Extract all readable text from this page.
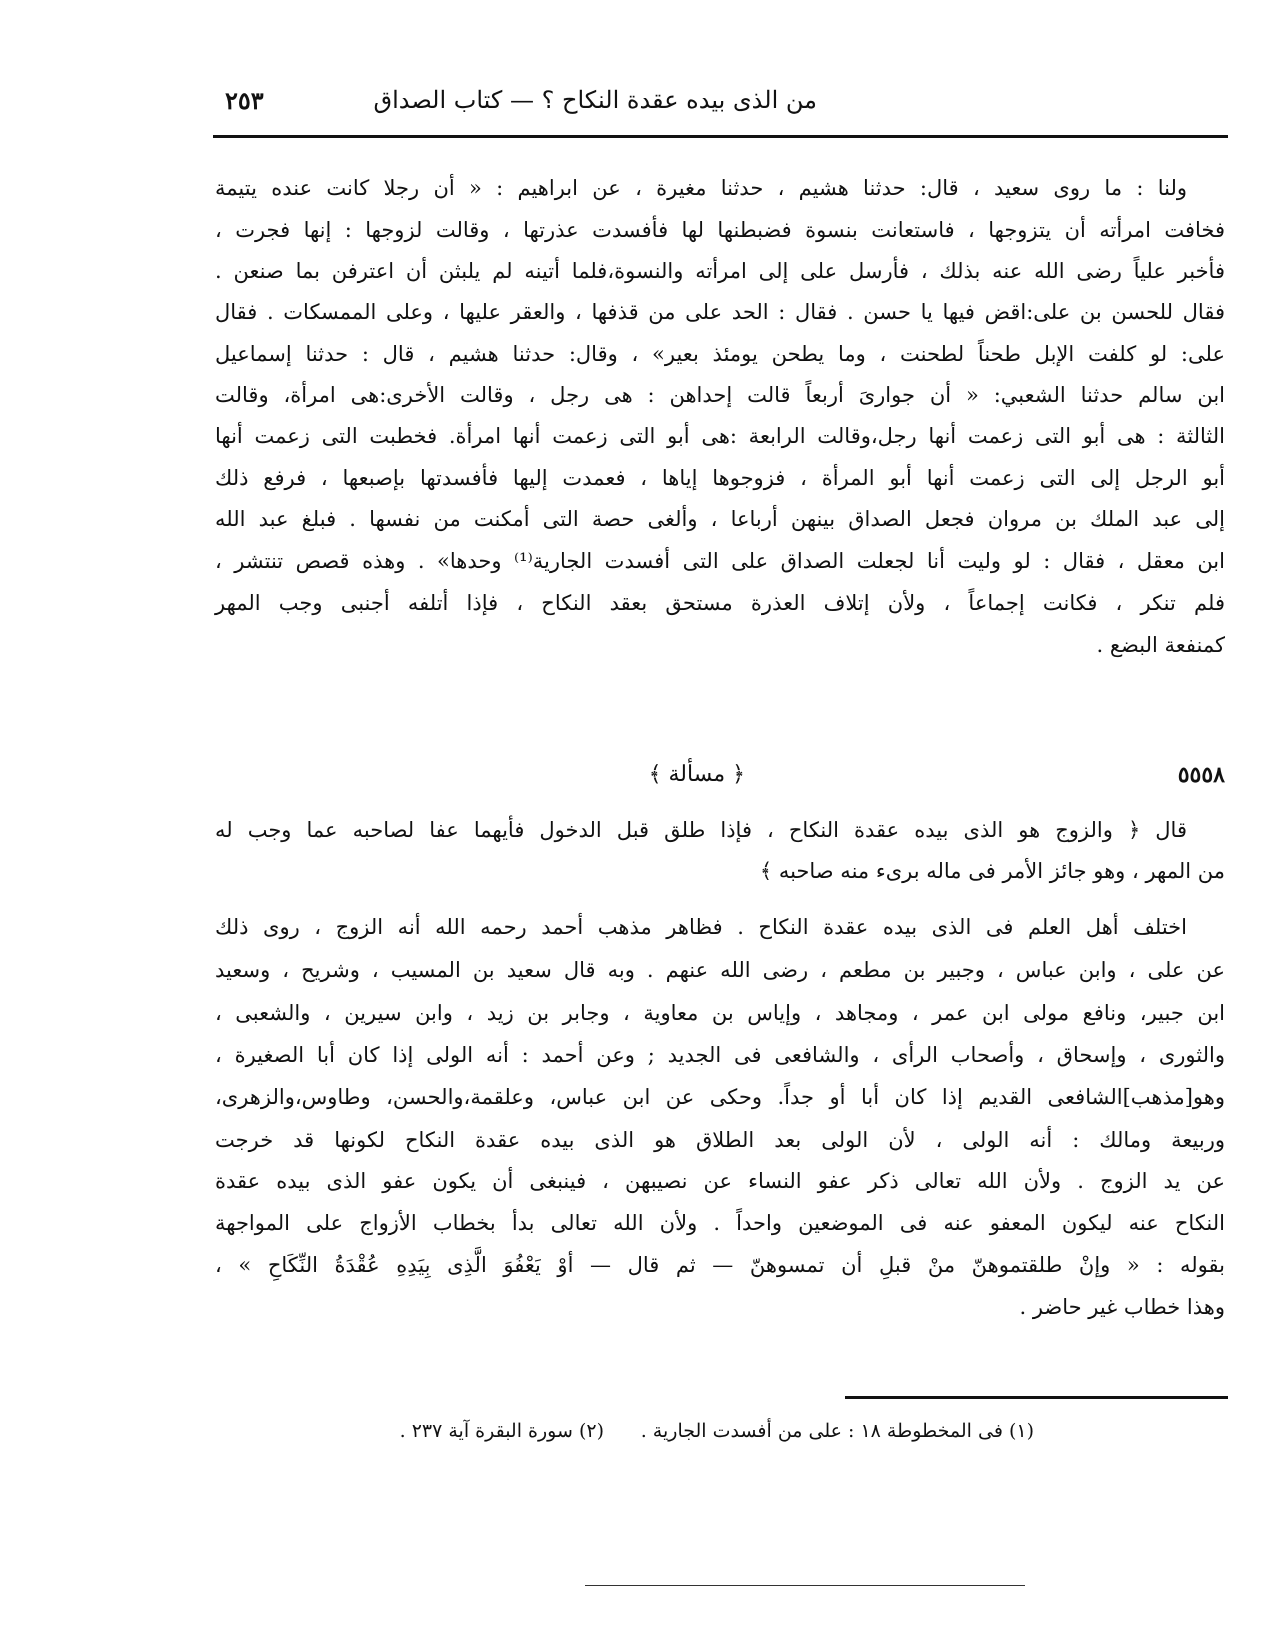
من الذى بيده عقدة النكاح ؟ — كتاب الصداق
٢٥٣
ولنا : ما روى سعيد ، قال: حدثنا هشيم ، حدثنا مغيرة ، عن ابراهيم : « أن رجلا كانت عنده يتيمة
فخافت امرأته أن يتزوجها ، فاستعانت بنسوة فضبطنها لها فأفسدت عذرتها ، وقالت لزوجها : إنها فجرت ،
فأخبر علياً رضى الله عنه بذلك ، فأرسل على إلى امرأته والنسوة،فلما أتينه لم يلبثن أن اعترفن بما صنعن .
فقال للحسن بن على:اقض فيها يا حسن . فقال : الحد على من قذفها ، والعقر عليها ، وعلى الممسكات . فقال
على: لو كلفت الإبل طحناً لطحنت ، وما يطحن يومئذ بعير» ، وقال: حدثنا هشيم ، قال : حدثنا إسماعيل
ابن سالم حدثنا الشعبي: « أن جوارىَ أربعاً قالت إحداهن : هى رجل ، وقالت الأخرى:هى امرأة، وقالت
الثالثة : هى أبو التى زعمت أنها رجل،وقالت الرابعة :هى أبو التى زعمت أنها امرأة. فخطبت التى زعمت أنها
أبو الرجل إلى التى زعمت أنها أبو المرأة ، فزوجوها إياها ، فعمدت إليها فأفسدتها بإصبعها ، فرفع ذلك
إلى عبد الملك بن مروان فجعل الصداق بينهن أرباعا ، وألغى حصة التى أمكنت من نفسها . فبلغ عبد الله
ابن معقل ، فقال : لو وليت أنا لجعلت الصداق على التى أفسدت الجارية⁽¹⁾ وحدها» . وهذه قصص تنتشر ،
فلم تنكر ، فكانت إجماعاً ، ولأن إتلاف العذرة مستحق بعقد النكاح ، فإذا أتلفه أجنبى وجب المهر
كمنفعة البضع .
٥٥٥٨
﴿ مسألة ﴾
قال ﴿ والزوج هو الذى بيده عقدة النكاح ، فإذا طلق قبل الدخول فأيهما عفا لصاحبه عما وجب له
من المهر ، وهو جائز الأمر فى ماله برىء منه صاحبه ﴾
اختلف أهل العلم فى الذى بيده عقدة النكاح . فظاهر مذهب أحمد رحمه الله أنه الزوج ، روى ذلك
عن على ، وابن عباس ، وجبير بن مطعم ، رضى الله عنهم . وبه قال سعيد بن المسيب ، وشريح ، وسعيد
ابن جبير، ونافع مولى ابن عمر ، ومجاهد ، وإياس بن معاوية ، وجابر بن زيد ، وابن سيرين ، والشعبى ،
والثورى ، وإسحاق ، وأصحاب الرأى ، والشافعى فى الجديد ; وعن أحمد : أنه الولى إذا كان أبا الصغيرة ،
وهو[مذهب]الشافعى القديم إذا كان أبا أو جداً. وحكى عن ابن عباس، وعلقمة،والحسن، وطاوس،والزهرى،
وربيعة ومالك : أنه الولى ، لأن الولى بعد الطلاق هو الذى بيده عقدة النكاح لكونها قد خرجت
عن يد الزوج . ولأن الله تعالى ذكر عفو النساء عن نصيبهن ، فينبغى أن يكون عفو الذى بيده عقدة
النكاح عنه ليكون المعفو عنه فى الموضعين واحداً . ولأن الله تعالى بدأ بخطاب الأزواج على المواجهة
بقوله : « وإنْ طلقتموهنّ منْ قبلِ أن تمسوهنّ — ثم قال — أوْ يَعْفُوَ الَّذِى بِيَدِهِ عُقْدَةُ النِّكَاحِ » ،
وهذا خطاب غير حاضر .
(١) فى المخطوطة ١٨ : على من أفسدت الجارية .
(٢) سورة البقرة آية ٢٣٧ .
